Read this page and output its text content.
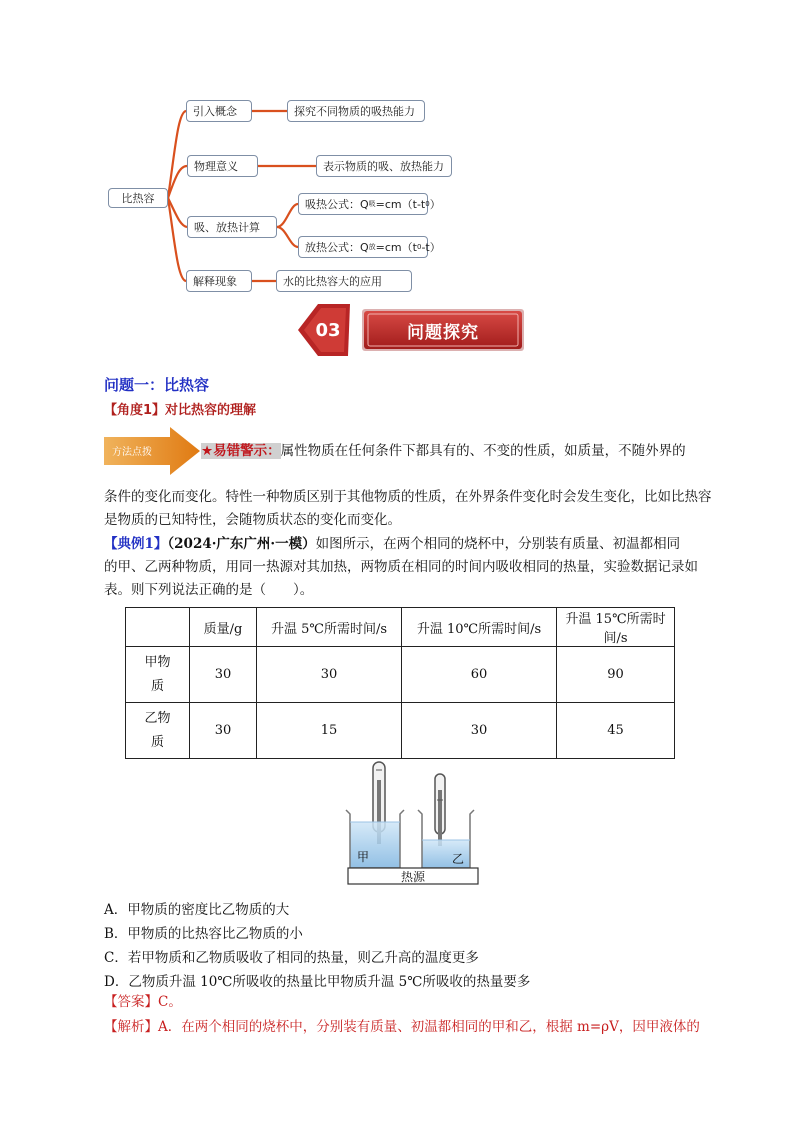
比热容
引入概念	探究不同物质的吸热能力
物理意义	表示物质的吸、放热能力
吸、放热计算
吸热公式：Q 吸 =cm（t-t 0 ）
放热公式：Q 放 =cm（t 0 -t）
解释现象	水的比热容大的应用
03	问题探究
问题一：比热容
【角度1】对比热容的理解
方法点拨	★易错警示：属性物质在任何条件下都具有的、不变的性质，如质量，不随外界的
条件的变化而变化。特性一种物质区别于其他物质的性质，在外界条件变化时会发生变化，比如比热容
是物质的已知特性，会随物质状态的变化而变化。
【典例1】（2024·广东广州·一模）如图所示，在两个相同的烧杯中，分别装有质量、初温都相同
的甲、乙两种物质，用同一热源对其加热，两物质在相同的时间内吸收相同的热量，实验数据记录如
表。则下列说法正确的是（　　）。
	质量/g	升温 5℃所需时间/s	升温 10℃所需时间/s	升温 15℃所需时间/s
甲物
质	30	30	60	90
乙物
质	30	15	30	45
甲	乙
热源
A．甲物质的密度比乙物质的大
B．甲物质的比热容比乙物质的小
C．若甲物质和乙物质吸收了相同的热量，则乙升高的温度更多
D．乙物质升温 10℃所吸收的热量比甲物质升温 5℃所吸收的热量要多
【答案】C。
【解析】A．在两个相同的烧杯中，分别装有质量、初温都相同的甲和乙，根据 m=ρV，因甲液体的
